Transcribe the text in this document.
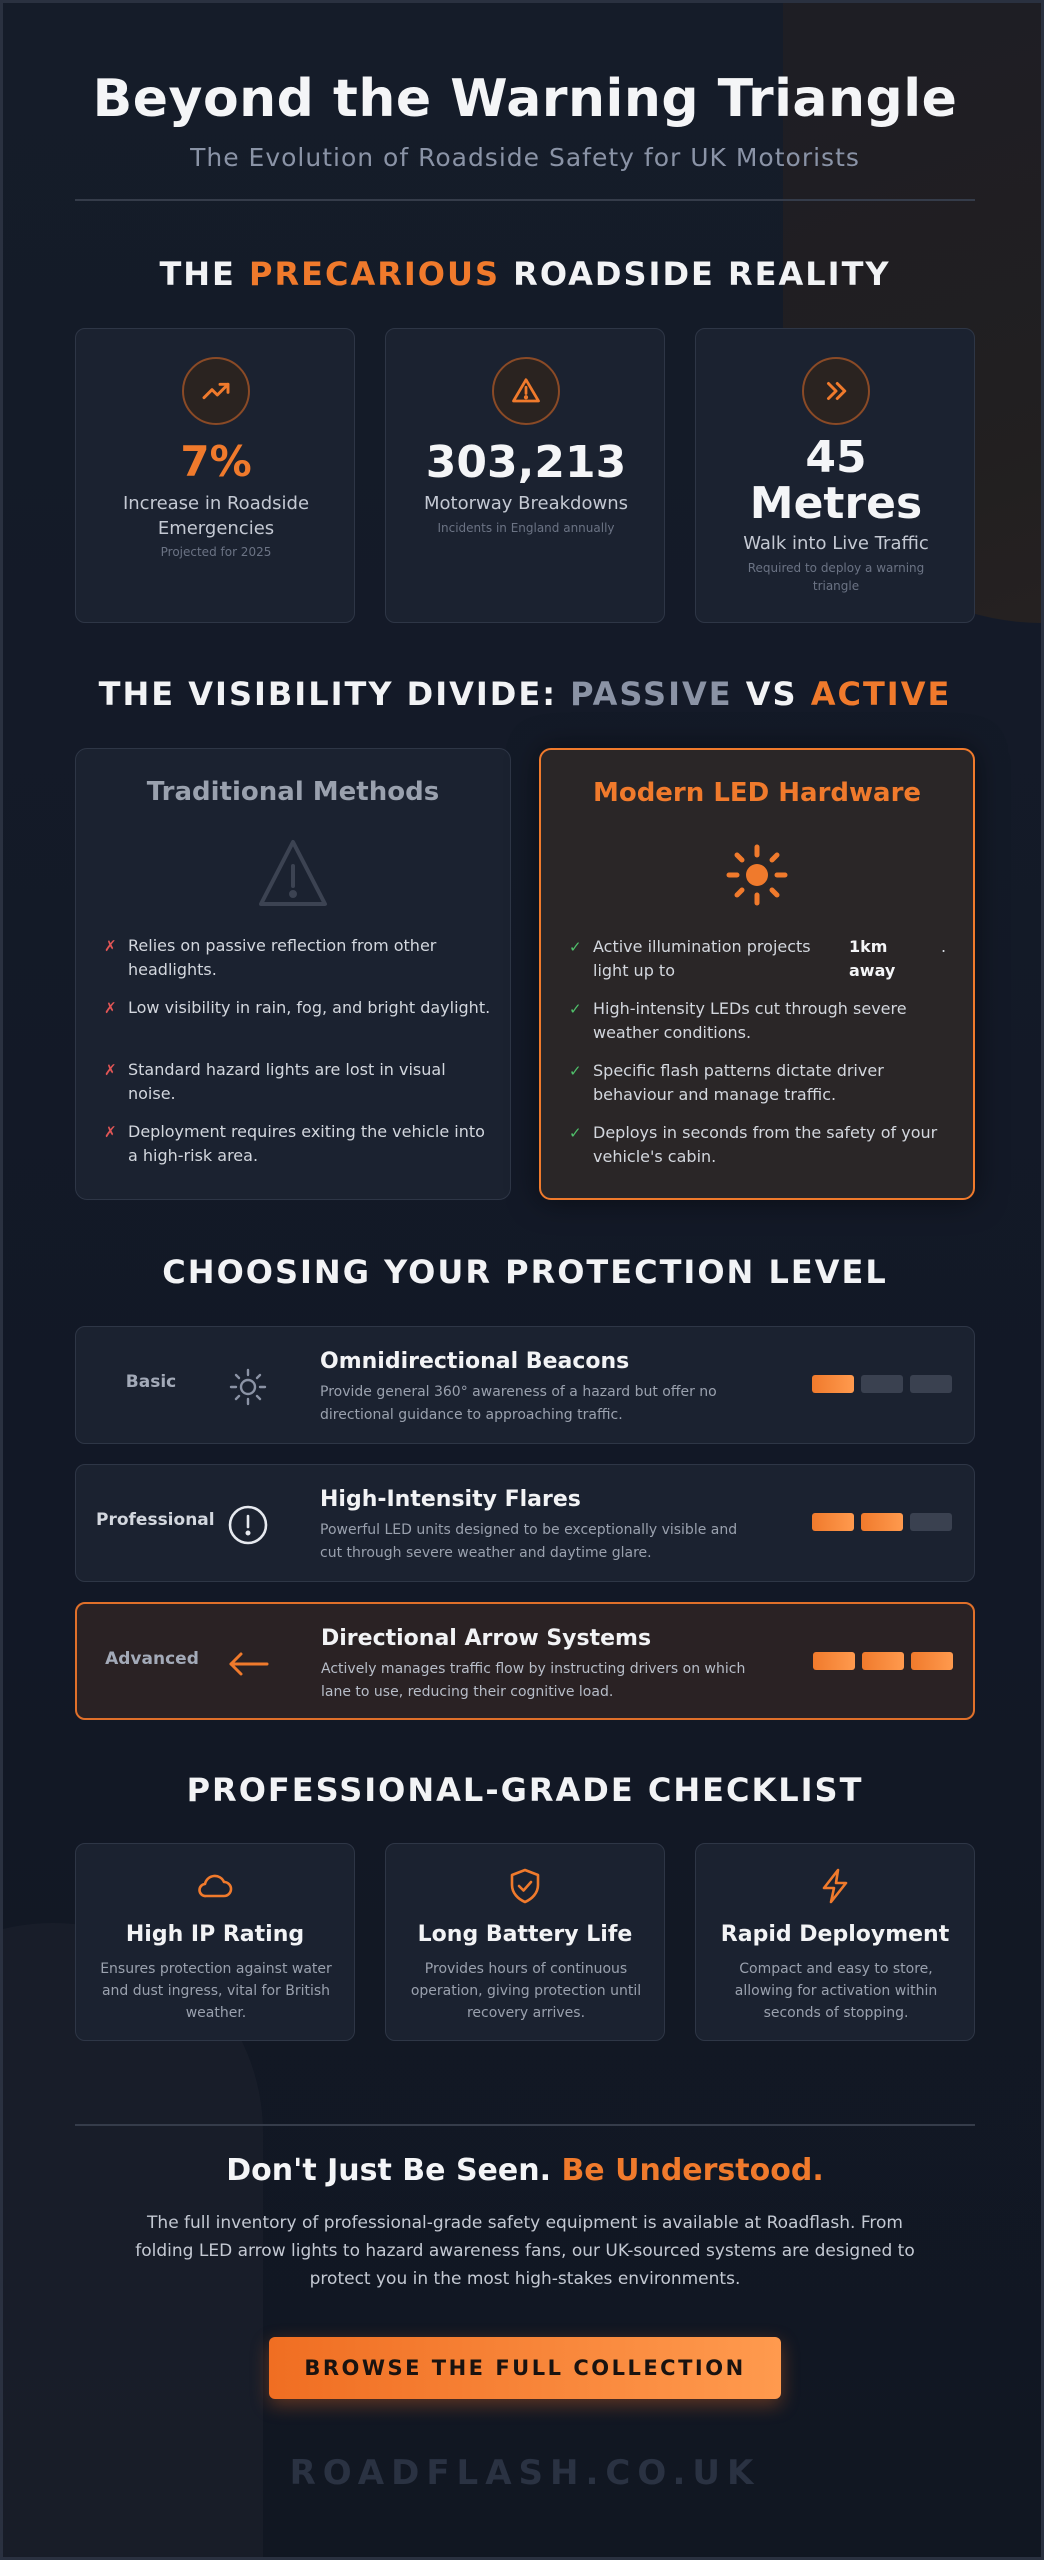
Beyond the Warning Triangle
The Evolution of Roadside Safety for UK Motorists
THE PRECARIOUS ROADSIDE REALITY
7%
Increase in Roadside Emergencies
Projected for 2025
303,213
Motorway Breakdowns
Incidents in England annually
45
Metres
Walk into Live Traffic
Required to deploy a warning triangle
THE VISIBILITY DIVIDE: PASSIVE VS ACTIVE
Traditional Methods
✗ Relies on passive reflection from other headlights.
✗ Low visibility in rain, fog, and bright daylight.
✗ Standard hazard lights are lost in visual noise.
✗ Deployment requires exiting the vehicle into a high-risk area.
Modern LED Hardware
✓ Active illumination projects light up to
1km away
.
✓ High-intensity LEDs cut through severe weather conditions.
✓ Specific flash patterns dictate driver behaviour and manage traffic.
✓ Deploys in seconds from the safety of your vehicle's cabin.
CHOOSING YOUR PROTECTION LEVEL
Basic
Omnidirectional Beacons
Provide general 360° awareness of a hazard but offer no directional guidance to approaching traffic.
Professional
High-Intensity Flares
Powerful LED units designed to be exceptionally visible and cut through severe weather and daytime glare.
Advanced
Directional Arrow Systems
Actively manages traffic flow by instructing drivers on which lane to use, reducing their cognitive load.
PROFESSIONAL-GRADE CHECKLIST
High IP Rating
Ensures protection against water and dust ingress, vital for British weather.
Long Battery Life
Provides hours of continuous operation, giving protection until recovery arrives.
Rapid Deployment
Compact and easy to store, allowing for activation within seconds of stopping.
Don't Just Be Seen. Be Understood.

The full inventory of professional-grade safety equipment is available at Roadflash. From folding LED arrow lights to hazard awareness fans, our UK-sourced systems are designed to protect you in the most high-stakes environments.

BROWSE THE FULL COLLECTION
ROADFLASH.CO.UK
